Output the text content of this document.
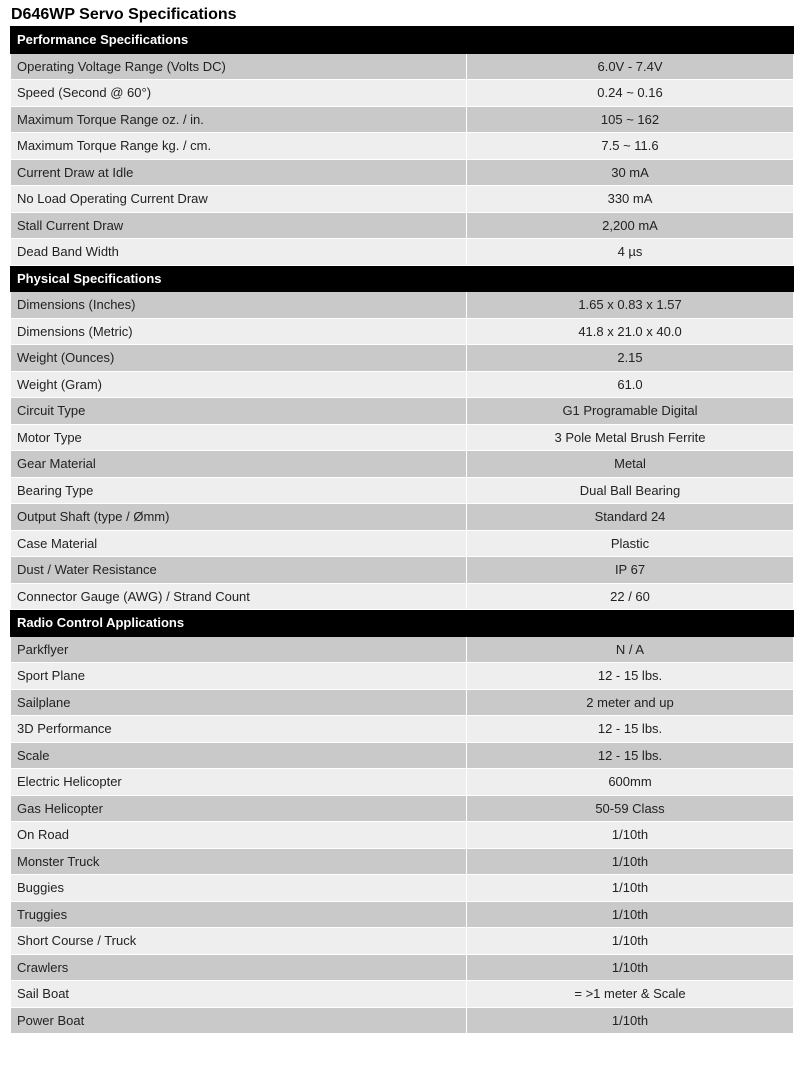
D646WP Servo Specifications
Performance Specifications	
Operating Voltage Range (Volts DC)	6.0V - 7.4V
Speed (Second @ 60°)	0.24 ~ 0.16
Maximum Torque Range oz. / in.	105 ~ 162
Maximum Torque Range kg. / cm.	7.5 ~ 11.6
Current Draw at Idle	30 mA
No Load Operating Current Draw	330 mA
Stall Current Draw	2,200 mA
Dead Band Width	4 µs
Physical Specifications	
Dimensions (Inches)	1.65 x 0.83 x 1.57
Dimensions (Metric)	41.8 x 21.0 x 40.0
Weight (Ounces)	2.15
Weight (Gram)	61.0
Circuit Type	G1 Programable Digital
Motor Type	3 Pole Metal Brush Ferrite
Gear Material	Metal
Bearing Type	Dual Ball Bearing
Output Shaft (type / Ømm)	Standard 24
Case Material	Plastic
Dust / Water Resistance	IP 67
Connector Gauge (AWG) / Strand Count	22 / 60
Radio Control Applications	
Parkflyer	N / A
Sport Plane	12 - 15 lbs.
Sailplane	2 meter and up
3D Performance	12 - 15 lbs.
Scale	12 - 15 lbs.
Electric Helicopter	600mm
Gas Helicopter	50-59 Class
On Road	1/10th
Monster Truck	1/10th
Buggies	1/10th
Truggies	1/10th
Short Course / Truck	1/10th
Crawlers	1/10th
Sail Boat	= >1 meter & Scale
Power Boat	1/10th
